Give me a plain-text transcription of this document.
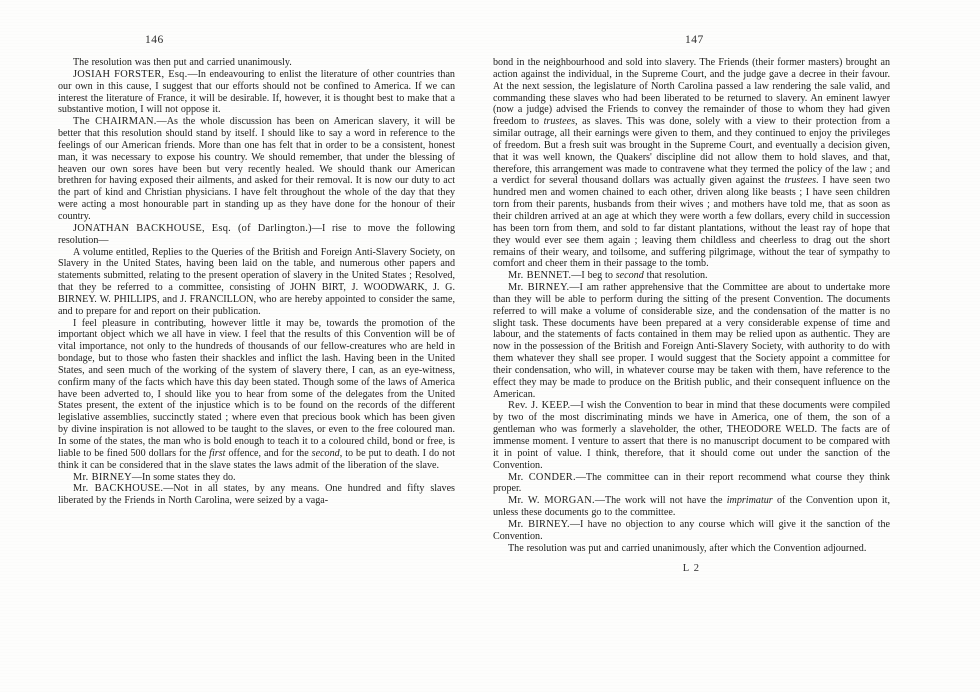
146	147

The resolution was then put and carried unanimously.

JOSIAH FORSTER, Esq.—In endeavouring to enlist the literature of other countries than our own in this cause, I suggest that our efforts should not be confined to America. If we can interest the literature of France, it will be desirable. If, however, it is thought best to make that a substantive motion, I will not oppose it.

The CHAIRMAN.—As the whole discussion has been on American slavery, it will be better that this resolution should stand by itself. I should like to say a word in reference to the feelings of our American friends. More than one has felt that in order to be a consistent, honest man, it was necessary to expose his country. We should remember, that under the blessing of heaven our own sores have been but very recently healed. We should thank our American brethren for having exposed their ailments, and asked for their removal. It is now our duty to act the part of kind and Christian physicians. I have felt throughout the whole of the day that they were acting a most honourable part in standing up as they have done for the honour of their country.

JONATHAN BACKHOUSE, Esq. (of Darlington.)—I rise to move the following resolution—

A volume entitled, Replies to the Queries of the British and Foreign Anti-Slavery Society, on Slavery in the United States, having been laid on the table, and numerous other papers and statements submitted, relating to the present operation of slavery in the United States ; Resolved, that they be referred to a committee, consisting of JOHN BIRT, J. WOODWARK, J. G. BIRNEY. W. PHILLIPS, and J. FRANCILLON, who are hereby appointed to consider the same, and to prepare for and report on their publication.

I feel pleasure in contributing, however little it may be, towards the promotion of the important object which we all have in view. I feel that the results of this Convention will be of vital importance, not only to the hundreds of thousands of our fellow-creatures who are held in bondage, but to those who fasten their shackles and inflict the lash. Having been in the United States, and seen much of the working of the system of slavery there, I can, as an eye-witness, confirm many of the facts which have this day been stated. Though some of the laws of America have been adverted to, I should like you to hear from some of the delegates from the United States present, the extent of the injustice which is to be found on the records of the different legislative assemblies, succinctly stated ; where even that precious book which has been given by divine inspiration is not allowed to be taught to the slaves, or even to the free coloured man. In some of the states, the man who is bold enough to teach it to a coloured child, bond or free, is liable to be fined 500 dollars for the first offence, and for the second, to be put to death. I do not think it can be considered that in the slave states the laws admit of the liberation of the slave.

Mr. BIRNEY—In some states they do.

Mr. BACKHOUSE.—Not in all states, by any means. One hundred and fifty slaves liberated by the Friends in North Carolina, were seized by a vaga-

bond in the neighbourhood and sold into slavery. The Friends (their former masters) brought an action against the individual, in the Supreme Court, and the judge gave a decree in their favour. At the next session, the legislature of North Carolina passed a law rendering the sale valid, and commanding these slaves who had been liberated to be returned to slavery. An eminent lawyer (now a judge) advised the Friends to convey the remainder of those to whom they had given freedom to trustees, as slaves. This was done, solely with a view to their protection from a similar outrage, all their earnings were given to them, and they continued to enjoy the privileges of freedom. But a fresh suit was brought in the Supreme Court, and eventually a decision given, that it was well known, the Quakers' discipline did not allow them to hold slaves, and that, therefore, this arrangement was made to contravene what they termed the policy of the law ; and a verdict for several thousand dollars was actually given against the trustees. I have seen two hundred men and women chained to each other, driven along like beasts ; I have seen children torn from their parents, husbands from their wives ; and mothers have told me, that as soon as their children arrived at an age at which they were worth a few dollars, every child in succession has been torn from them, and sold to far distant plantations, without the least ray of hope that they would ever see them again ; leaving them childless and cheerless to drag out the short remains of their weary, and toilsome, and suffering pilgrimage, without the tear of sympathy to comfort and cheer them in their passage to the tomb.

Mr. BENNET.—I beg to second that resolution.

Mr. BIRNEY.—I am rather apprehensive that the Committee are about to undertake more than they will be able to perform during the sitting of the present Convention. The documents referred to will make a volume of considerable size, and the condensation of the matter is no slight task. These documents have been prepared at a very considerable expense of time and labour, and the statements of facts contained in them may be relied upon as authentic. They are now in the possession of the British and Foreign Anti-Slavery Society, with authority to do with them whatever they shall see proper. I would suggest that the Society appoint a committee for their condensation, who will, in whatever course may be taken with them, have reference to the effect they may be made to produce on the British public, and their consequent influence on the American.

Rev. J. KEEP.—I wish the Convention to bear in mind that these documents were compiled by two of the most discriminating minds we have in America, one of them, the son of a gentleman who was formerly a slaveholder, the other, THEODORE WELD. The facts are of immense moment. I venture to assert that there is no manuscript document to be compared with it in point of value. I think, therefore, that it should come out under the sanction of the Convention.

Mr. CONDER.—The committee can in their report recommend what course they think proper.

Mr. W. MORGAN.—The work will not have the imprimatur of the Convention upon it, unless these documents go to the committee.

Mr. BIRNEY.—I have no objection to any course which will give it the sanction of the Convention.

The resolution was put and carried unanimously, after which the Convention adjourned.

L 2
